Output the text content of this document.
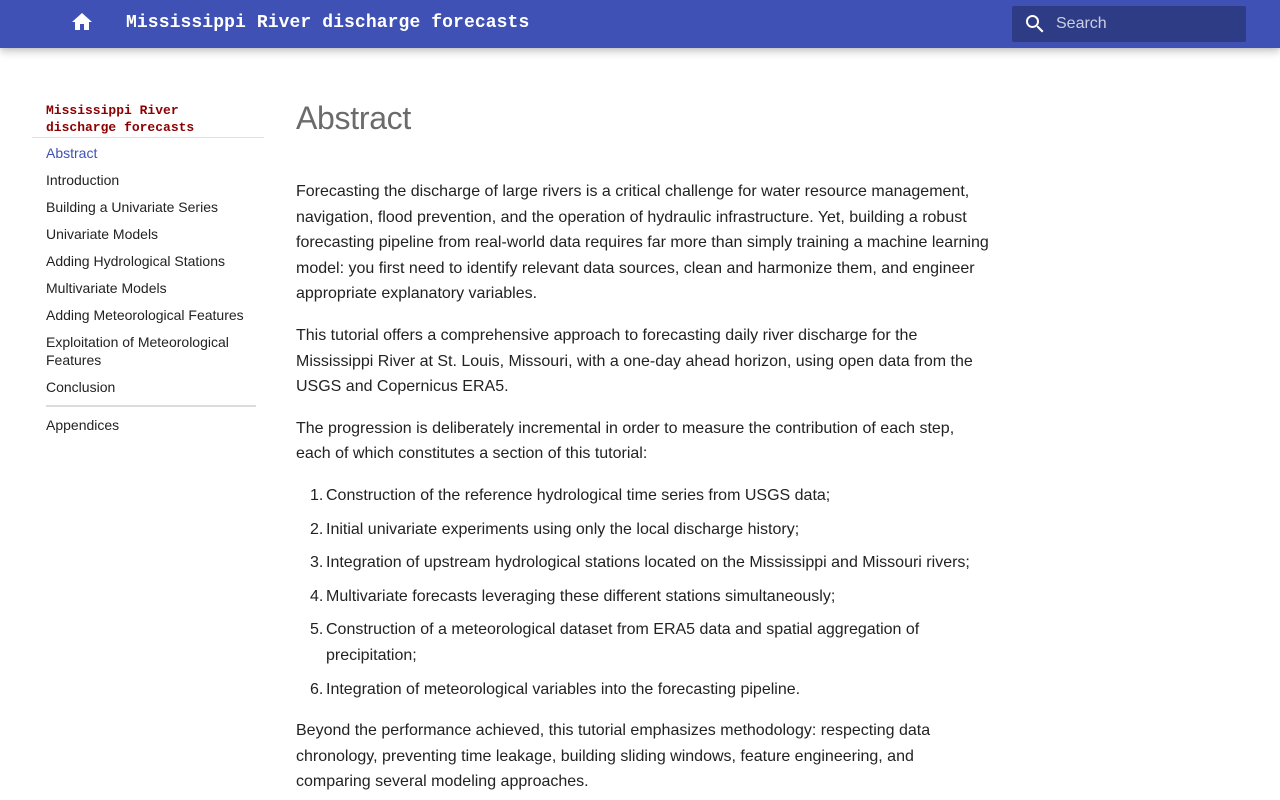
Mississippi River discharge forecasts
Search
Mississippi River discharge forecasts
Abstract
Introduction
Building a Univariate Series
Univariate Models
Adding Hydrological Stations
Multivariate Models
Adding Meteorological Features
Exploitation of Meteorological Features
Conclusion
Appendices
Abstract

Forecasting the discharge of large rivers is a critical challenge for water resource management, navigation, flood prevention, and the operation of hydraulic infrastructure. Yet, building a robust forecasting pipeline from real-world data requires far more than simply training a machine learning model: you first need to identify relevant data sources, clean and harmonize them, and engineer appropriate explanatory variables.

This tutorial offers a comprehensive approach to forecasting daily river discharge for the Mississippi River at St. Louis, Missouri, with a one-day ahead horizon, using open data from the USGS and Copernicus ERA5.

The progression is deliberately incremental in order to measure the contribution of each step, each of which constitutes a section of this tutorial:

1. Construction of the reference hydrological time series from USGS data;
2. Initial univariate experiments using only the local discharge history;
3. Integration of upstream hydrological stations located on the Mississippi and Missouri rivers;
4. Multivariate forecasts leveraging these different stations simultaneously;
5. Construction of a meteorological dataset from ERA5 data and spatial aggregation of precipitation;
6. Integration of meteorological variables into the forecasting pipeline.

Beyond the performance achieved, this tutorial emphasizes methodology: respecting data chronology, preventing time leakage, building sliding windows, feature engineering, and comparing several modeling approaches.
